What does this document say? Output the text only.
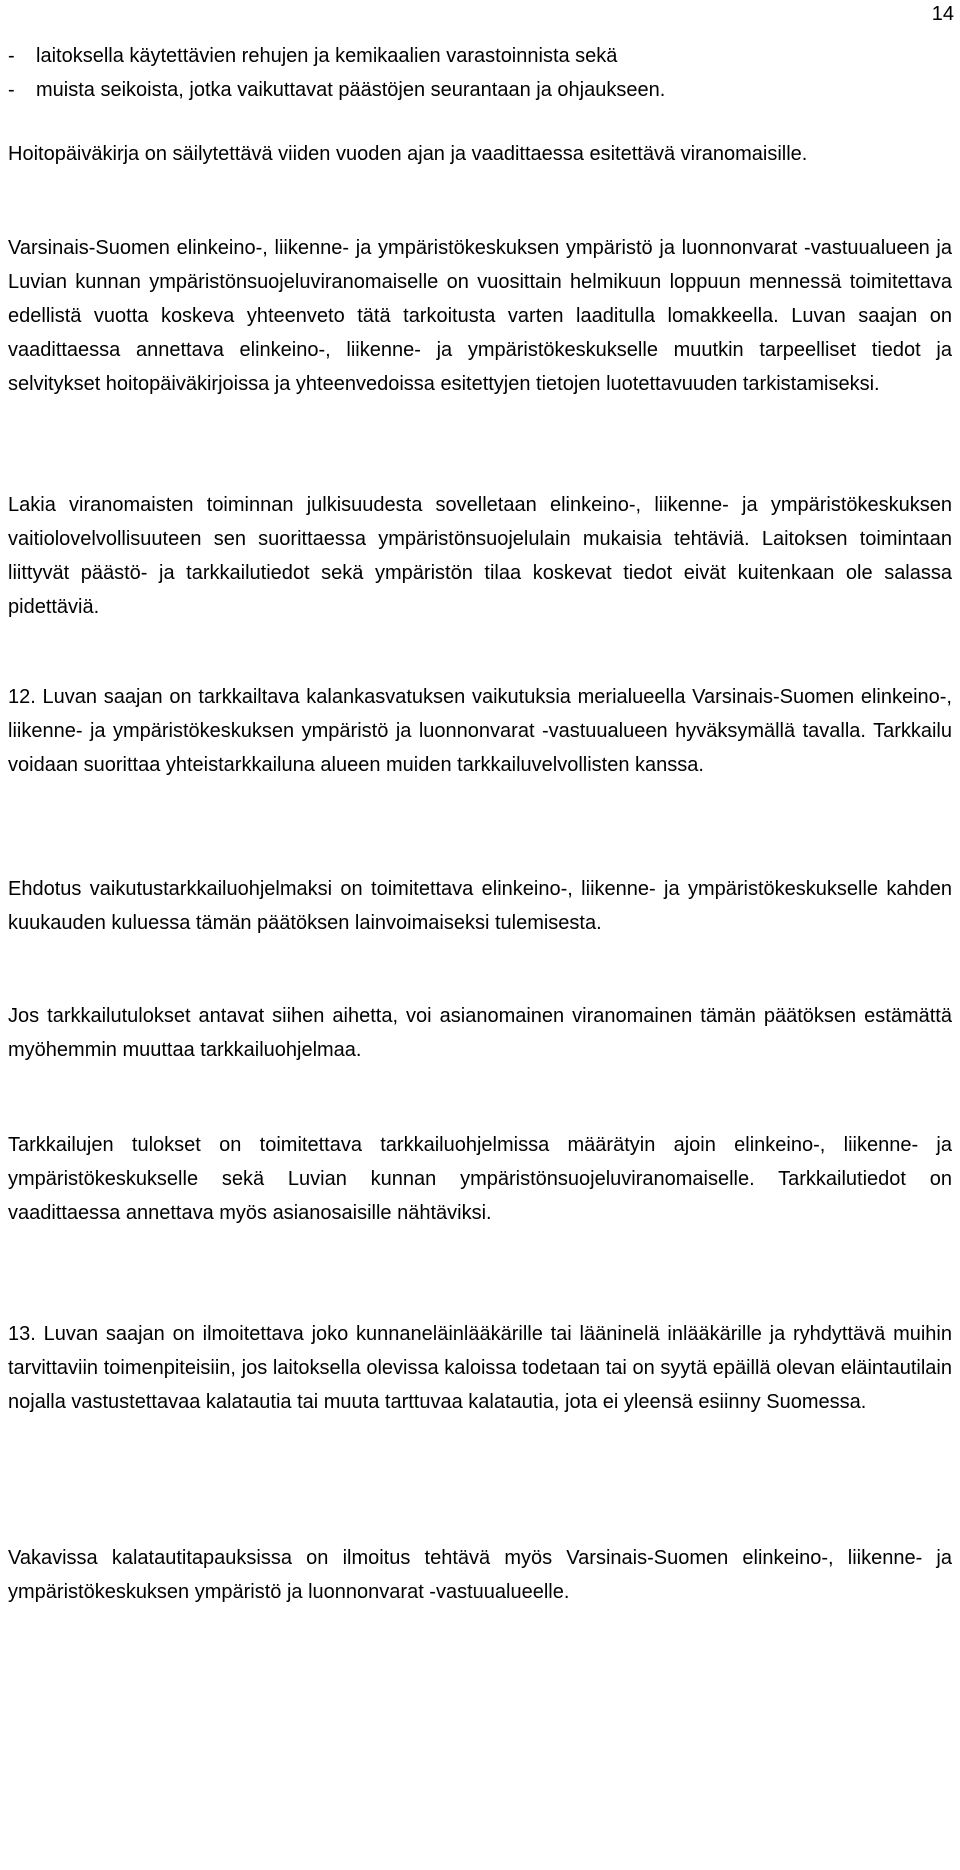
14
-	laitoksella käytettävien rehujen ja kemikaalien varastoinnista sekä
-	muista seikoista, jotka vaikuttavat päästöjen seurantaan ja ohjaukseen.

Hoitopäiväkirja on säilytettävä viiden vuoden ajan ja vaadittaessa esitettävä viranomaisille.

Varsinais-Suomen elinkeino-, liikenne- ja ympäristökeskuksen ympäristö ja luonnonvarat -vastuualueen ja Luvian kunnan ympäristönsuojeluviranomaiselle on vuosittain helmikuun loppuun mennessä toimitettava edellistä vuotta koskeva yhteenveto tätä tarkoitusta varten laaditulla lomakkeella. Luvan saajan on vaadittaessa annettava elinkeino-, liikenne- ja ympäristökeskukselle muutkin tarpeelliset tiedot ja selvitykset hoitopäiväkirjoissa ja yhteenvedoissa esitettyjen tietojen luotettavuuden tarkistamiseksi.

Lakia viranomaisten toiminnan julkisuudesta sovelletaan elinkeino-, liikenne- ja ympäristökeskuksen vaitiolovelvollisuuteen sen suorittaessa ympäristönsuojelulain mukaisia tehtäviä. Laitoksen toimintaan liittyvät päästö- ja tarkkailutiedot sekä ympäristön tilaa koskevat tiedot eivät kuitenkaan ole salassa pidettäviä.

12. Luvan saajan on tarkkailtava kalankasvatuksen vaikutuksia merialueella Varsinais-Suomen elinkeino-, liikenne- ja ympäristökeskuksen ympäristö ja luonnonvarat -vastuualueen hyväksymällä tavalla. Tarkkailu voidaan suorittaa yhteistarkkailuna alueen muiden tarkkailuvelvollisten kanssa.

Ehdotus vaikutustarkkailuohjelmaksi on toimitettava elinkeino-, liikenne- ja ympäristökeskukselle kahden kuukauden kuluessa tämän päätöksen lainvoimaiseksi tulemisesta.

Jos tarkkailutulokset antavat siihen aihetta, voi asianomainen viranomainen tämän päätöksen estämättä myöhemmin muuttaa tarkkailuohjelmaa.

Tarkkailujen tulokset on toimitettava tarkkailuohjelmissa määrätyin ajoin elinkeino-, liikenne- ja ympäristökeskukselle sekä Luvian kunnan ympäristönsuojeluviranomaiselle. Tarkkailutiedot on vaadittaessa annettava myös asianosaisille nähtäviksi.

13. Luvan saajan on ilmoitettava joko kunnaneläinlääkärille tai lääninelä inlääkärille ja ryhdyttävä muihin tarvittaviin toimenpiteisiin, jos laitoksella olevissa kaloissa todetaan tai on syytä epäillä olevan eläintautilain nojalla vastustettavaa kalatautia tai muuta tarttuvaa kalatautia, jota ei yleensä esiinny Suomessa.

Vakavissa kalatautitapauksissa on ilmoitus tehtävä myös Varsinais-Suomen elinkeino-, liikenne- ja ympäristökeskuksen ympäristö ja luonnonvarat -vastuualueelle.
